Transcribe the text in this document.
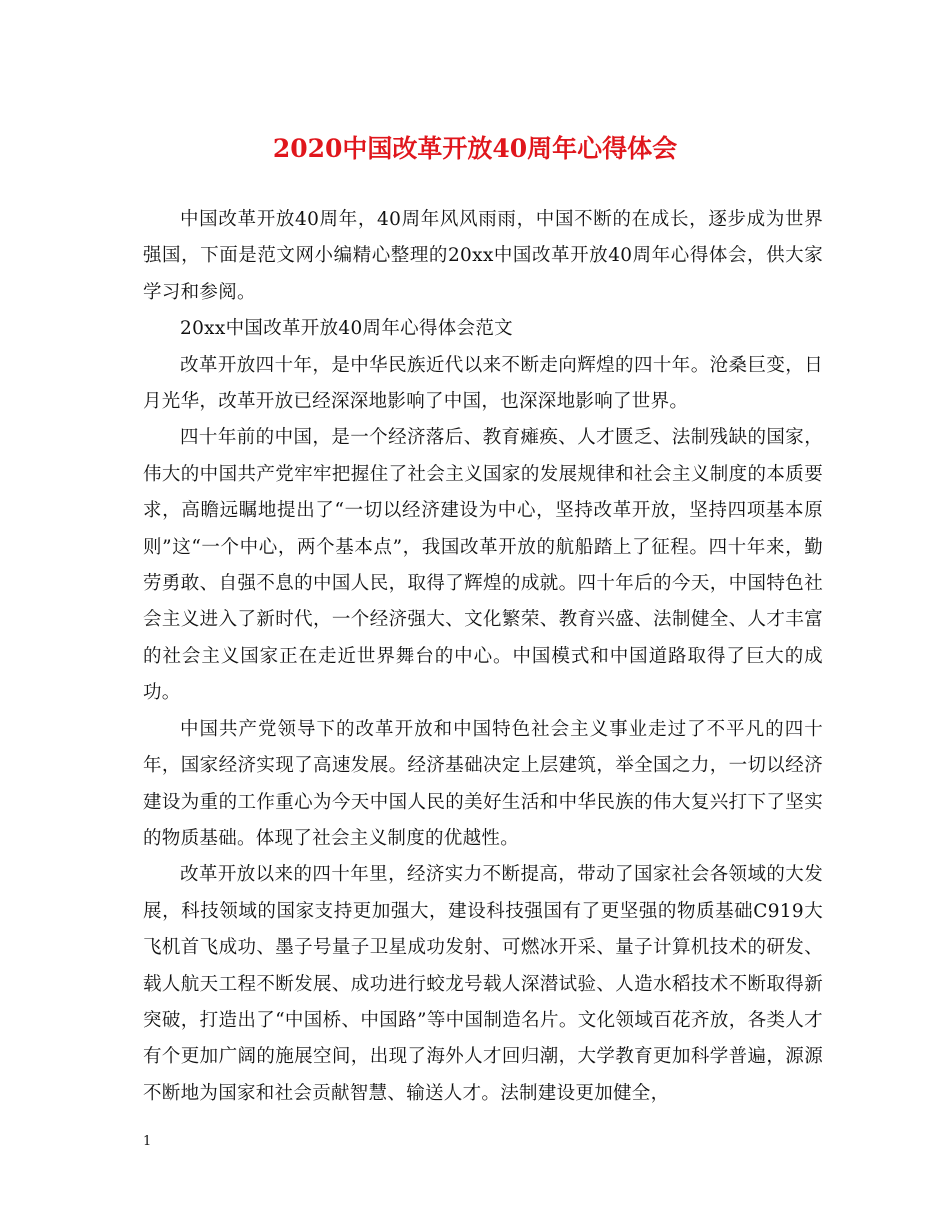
2020中国改革开放40周年心得体会

中国改革开放40周年，40周年风风雨雨，中国不断的在成长，逐步成为世界强国，下面是范文网小编精心整理的20xx中国改革开放40周年心得体会，供大家学习和参阅。

20xx中国改革开放40周年心得体会范文

改革开放四十年，是中华民族近代以来不断走向辉煌的四十年。沧桑巨变，日月光华，改革开放已经深深地影响了中国，也深深地影响了世界。

四十年前的中国，是一个经济落后、教育瘫痪、人才匮乏、法制残缺的国家，伟大的中国共产党牢牢把握住了社会主义国家的发展规律和社会主义制度的本质要求，高瞻远瞩地提出了“一切以经济建设为中心，坚持改革开放，坚持四项基本原则”这“一个中心，两个基本点”，我国改革开放的航船踏上了征程。四十年来，勤劳勇敢、自强不息的中国人民，取得了辉煌的成就。四十年后的今天，中国特色社会主义进入了新时代，一个经济强大、文化繁荣、教育兴盛、法制健全、人才丰富的社会主义国家正在走近世界舞台的中心。中国模式和中国道路取得了巨大的成功。

中国共产党领导下的改革开放和中国特色社会主义事业走过了不平凡的四十年，国家经济实现了高速发展。经济基础决定上层建筑，举全国之力，一切以经济建设为重的工作重心为今天中国人民的美好生活和中华民族的伟大复兴打下了坚实的物质基础。体现了社会主义制度的优越性。

改革开放以来的四十年里，经济实力不断提高，带动了国家社会各领域的大发展，科技领域的国家支持更加强大，建设科技强国有了更坚强的物质基础C919大飞机首飞成功、墨子号量子卫星成功发射、可燃冰开采、量子计算机技术的研发、载人航天工程不断发展、成功进行蛟龙号载人深潜试验、人造水稻技术不断取得新突破，打造出了“中国桥、中国路”等中国制造名片。文化领域百花齐放，各类人才有个更加广阔的施展空间，出现了海外人才回归潮，大学教育更加科学普遍，源源不断地为国家和社会贡献智慧、输送人才。法制建设更加健全，

1
